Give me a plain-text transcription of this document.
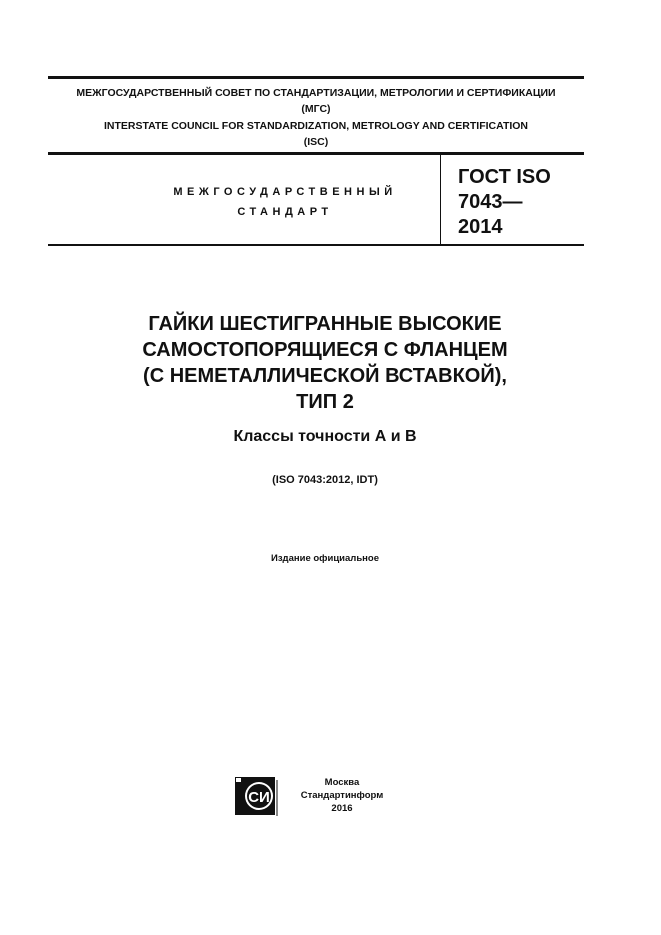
МЕЖГОСУДАРСТВЕННЫЙ СОВЕТ ПО СТАНДАРТИЗАЦИИ, МЕТРОЛОГИИ И СЕРТИФИКАЦИИ
(МГС)
INTERSTATE COUNCIL FOR STANDARDIZATION, METROLOGY AND CERTIFICATION
(ISC)
МЕЖГОСУДАРСТВЕННЫЙ
СТАНДАРТ
ГОСТ ISO
7043—
2014
ГАЙКИ ШЕСТИГРАННЫЕ ВЫСОКИЕ
САМОСТОПОРЯЩИЕСЯ С ФЛАНЦЕМ
(С НЕМЕТАЛЛИЧЕСКОЙ ВСТАВКОЙ),
ТИП 2
Классы точности А и В
(ISO 7043:2012, IDT)
Издание официальное
СИ
Москва
Стандартинформ
2016
